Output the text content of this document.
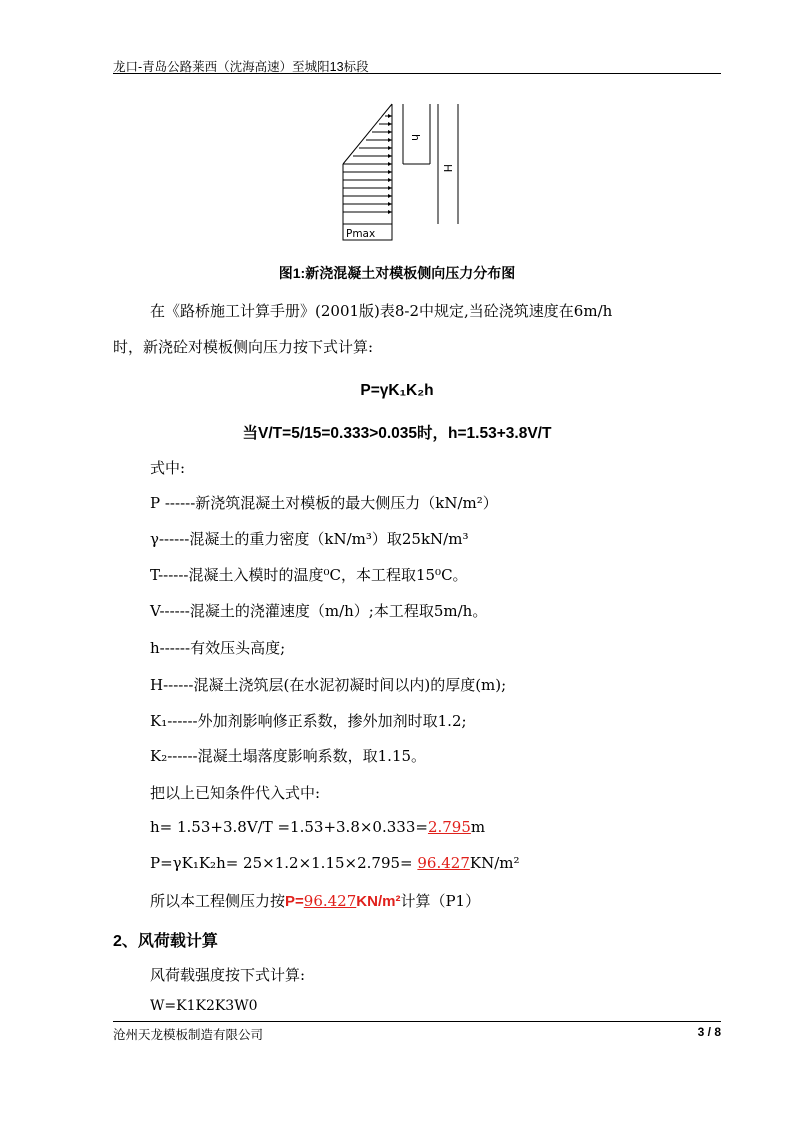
龙口-青岛公路莱西（沈海高速）至城阳13标段
h
H
Pmax
图1:新浇混凝土对模板侧向压力分布图
在《路桥施工计算手册》(2001版)表8-2中规定,当砼浇筑速度在6m/h
时，新浇砼对模板侧向压力按下式计算:
P=γK₁K₂h
当V/T=5/15=0.333>0.035时，h=1.53+3.8V/T
式中:
P ------新浇筑混凝土对模板的最大侧压力（kN/m²）
γ------混凝土的重力密度（kN/m³）取25kN/m³
T------混凝土入模时的温度⁰C，本工程取15⁰C。
V------混凝土的浇灌速度（m/h）;本工程取5m/h。
h------有效压头高度;
H------混凝土浇筑层(在水泥初凝时间以内)的厚度(m);
K₁------外加剂影响修正系数，掺外加剂时取1.2;
K₂------混凝土塌落度影响系数，取1.15。
把以上已知条件代入式中:
h= 1.53+3.8V/T =1.53+3.8×0.333=2.795m
P=γK₁K₂h= 25×1.2×1.15×2.795= 96.427KN/m²
所以本工程侧压力按P=96.427KN/m²计算（P1）
2、风荷载计算
风荷载强度按下式计算:
W=K1K2K3W0
沧州天龙模板制造有限公司	3 / 8
